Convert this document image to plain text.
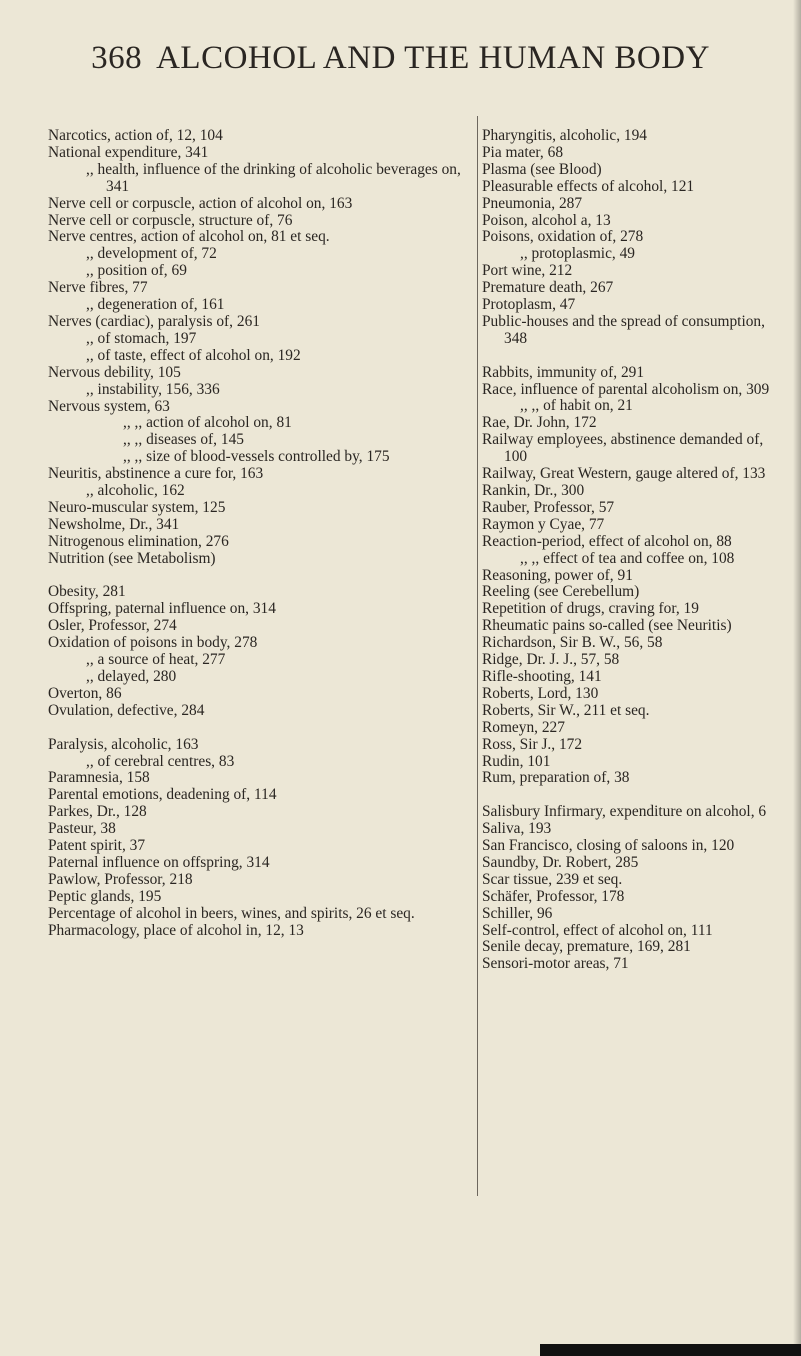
368 ALCOHOL AND THE HUMAN BODY
Narcotics, action of, 12, 104
National expenditure, 341
,, health, influence of the drinking of alcoholic beverages on, 341
Nerve cell or corpuscle, action of alcohol on, 163
Nerve cell or corpuscle, structure of, 76
Nerve centres, action of alcohol on, 81 et seq.
,, development of, 72
,, position of, 69
Nerve fibres, 77
,, degeneration of, 161
Nerves (cardiac), paralysis of, 261
,, of stomach, 197
,, of taste, effect of alcohol on, 192
Nervous debility, 105
,, instability, 156, 336
Nervous system, 63
,, ,, action of alcohol on, 81
,, ,, diseases of, 145
,, ,, size of blood-vessels controlled by, 175
Neuritis, abstinence a cure for, 163
,, alcoholic, 162
Neuro-muscular system, 125
Newsholme, Dr., 341
Nitrogenous elimination, 276
Nutrition (see Metabolism)
Obesity, 281
Offspring, paternal influence on, 314
Osler, Professor, 274
Oxidation of poisons in body, 278
,, a source of heat, 277
,, delayed, 280
Overton, 86
Ovulation, defective, 284
Paralysis, alcoholic, 163
,, of cerebral centres, 83
Paramnesia, 158
Parental emotions, deadening of, 114
Parkes, Dr., 128
Pasteur, 38
Patent spirit, 37
Paternal influence on offspring, 314
Pawlow, Professor, 218
Peptic glands, 195
Percentage of alcohol in beers, wines, and spirits, 26 et seq.
Pharmacology, place of alcohol in, 12, 13
Pharyngitis, alcoholic, 194
Pia mater, 68
Plasma (see Blood)
Pleasurable effects of alcohol, 121
Pneumonia, 287
Poison, alcohol a, 13
Poisons, oxidation of, 278
,, protoplasmic, 49
Port wine, 212
Premature death, 267
Protoplasm, 47
Public-houses and the spread of consumption, 348
Rabbits, immunity of, 291
Race, influence of parental alcoholism on, 309
,, ,, of habit on, 21
Rae, Dr. John, 172
Railway employees, abstinence demanded of, 100
Railway, Great Western, gauge altered of, 133
Rankin, Dr., 300
Rauber, Professor, 57
Raymon y Cyae, 77
Reaction-period, effect of alcohol on, 88
,, ,, effect of tea and coffee on, 108
Reasoning, power of, 91
Reeling (see Cerebellum)
Repetition of drugs, craving for, 19
Rheumatic pains so-called (see Neuritis)
Richardson, Sir B. W., 56, 58
Ridge, Dr. J. J., 57, 58
Rifle-shooting, 141
Roberts, Lord, 130
Roberts, Sir W., 211 et seq.
Romeyn, 227
Ross, Sir J., 172
Rudin, 101
Rum, preparation of, 38
Salisbury Infirmary, expenditure on alcohol, 6
Saliva, 193
San Francisco, closing of saloons in, 120
Saundby, Dr. Robert, 285
Scar tissue, 239 et seq.
Schäfer, Professor, 178
Schiller, 96
Self-control, effect of alcohol on, 111
Senile decay, premature, 169, 281
Sensori-motor areas, 71
